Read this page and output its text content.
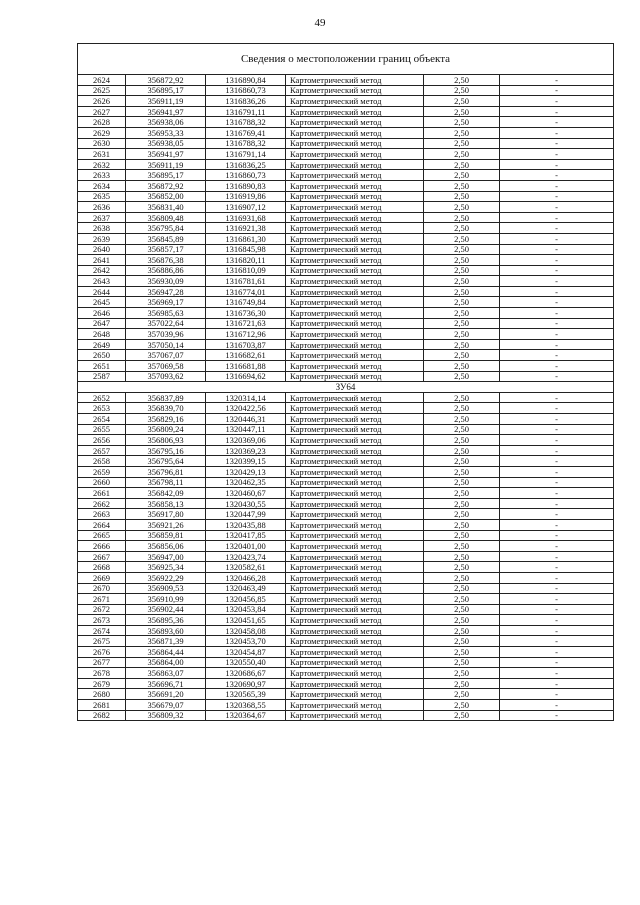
49
Сведения о местоположении границ объекта					
2624	356872,92	1316890,84	Картометрический метод	2,50	-
2625	356895,17	1316860,73	Картометрический метод	2,50	-
2626	356911,19	1316836,26	Картометрический метод	2,50	-
2627	356941,97	1316791,11	Картометрический метод	2,50	-
2628	356938,06	1316788,32	Картометрический метод	2,50	-
2629	356953,33	1316769,41	Картометрический метод	2,50	-
2630	356938,05	1316788,32	Картометрический метод	2,50	-
2631	356941,97	1316791,14	Картометрический метод	2,50	-
2632	356911,19	1316836,25	Картометрический метод	2,50	-
2633	356895,17	1316860,73	Картометрический метод	2,50	-
2634	356872,92	1316890,83	Картометрический метод	2,50	-
2635	356852,00	1316919,86	Картометрический метод	2,50	-
2636	356831,40	1316907,12	Картометрический метод	2,50	-
2637	356809,48	1316931,68	Картометрический метод	2,50	-
2638	356795,84	1316921,38	Картометрический метод	2,50	-
2639	356845,89	1316861,30	Картометрический метод	2,50	-
2640	356857,17	1316845,98	Картометрический метод	2,50	-
2641	356876,38	1316820,11	Картометрический метод	2,50	-
2642	356886,86	1316810,09	Картометрический метод	2,50	-
2643	356930,09	1316781,61	Картометрический метод	2,50	-
2644	356947,28	1316774,01	Картометрический метод	2,50	-
2645	356969,17	1316749,84	Картометрический метод	2,50	-
2646	356985,63	1316736,30	Картометрический метод	2,50	-
2647	357022,64	1316721,63	Картометрический метод	2,50	-
2648	357039,96	1316712,96	Картометрический метод	2,50	-
2649	357050,14	1316703,87	Картометрический метод	2,50	-
2650	357067,07	1316682,61	Картометрический метод	2,50	-
2651	357069,58	1316681,88	Картометрический метод	2,50	-
2587	357093,62	1316694,62	Картометрический метод	2,50	-
ЗУ64					
2652	356837,89	1320314,14	Картометрический метод	2,50	-
2653	356839,70	1320422,56	Картометрический метод	2,50	-
2654	356829,16	1320446,31	Картометрический метод	2,50	-
2655	356809,24	1320447,11	Картометрический метод	2,50	-
2656	356806,93	1320369,06	Картометрический метод	2,50	-
2657	356795,16	1320369,23	Картометрический метод	2,50	-
2658	356795,64	1320399,15	Картометрический метод	2,50	-
2659	356796,81	1320429,13	Картометрический метод	2,50	-
2660	356798,11	1320462,35	Картометрический метод	2,50	-
2661	356842,09	1320460,67	Картометрический метод	2,50	-
2662	356858,13	1320430,55	Картометрический метод	2,50	-
2663	356917,80	1320447,99	Картометрический метод	2,50	-
2664	356921,26	1320435,88	Картометрический метод	2,50	-
2665	356859,81	1320417,85	Картометрический метод	2,50	-
2666	356856,06	1320401,00	Картометрический метод	2,50	-
2667	356947,00	1320423,74	Картометрический метод	2,50	-
2668	356925,34	1320582,61	Картометрический метод	2,50	-
2669	356922,29	1320466,28	Картометрический метод	2,50	-
2670	356909,53	1320463,49	Картометрический метод	2,50	-
2671	356910,99	1320456,85	Картометрический метод	2,50	-
2672	356902,44	1320453,84	Картометрический метод	2,50	-
2673	356895,36	1320451,65	Картометрический метод	2,50	-
2674	356893,60	1320458,08	Картометрический метод	2,50	-
2675	356871,39	1320453,70	Картометрический метод	2,50	-
2676	356864,44	1320454,87	Картометрический метод	2,50	-
2677	356864,00	1320550,40	Картометрический метод	2,50	-
2678	356863,07	1320686,67	Картометрический метод	2,50	-
2679	356696,71	1320690,97	Картометрический метод	2,50	-
2680	356691,20	1320565,39	Картометрический метод	2,50	-
2681	356679,07	1320368,55	Картометрический метод	2,50	-
2682	356809,32	1320364,67	Картометрический метод	2,50	-
